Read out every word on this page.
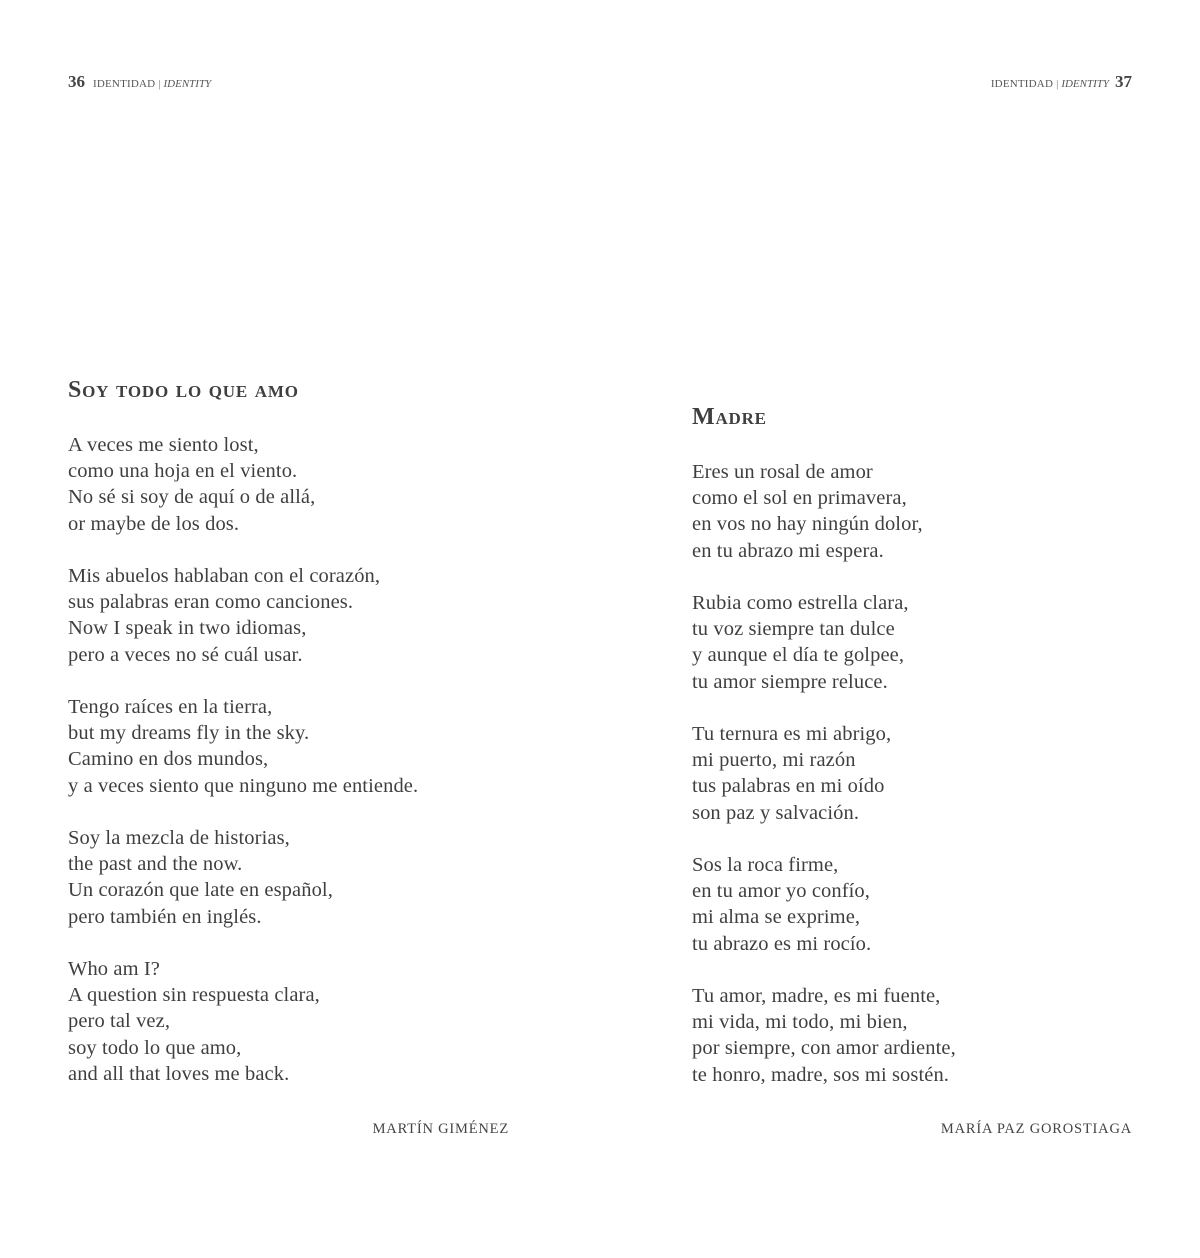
36 IDENTIDAD | IDENTITY
Soy todo lo que amo
A veces me siento lost,
como una hoja en el viento.
No sé si soy de aquí o de allá,
or maybe de los dos.
Mis abuelos hablaban con el corazón,
sus palabras eran como canciones.
Now I speak in two idiomas,
pero a veces no sé cuál usar.
Tengo raíces en la tierra,
but my dreams fly in the sky.
Camino en dos mundos,
y a veces siento que ninguno me entiende.
Soy la mezcla de historias,
the past and the now.
Un corazón que late en español,
pero también en inglés.
Who am I?
A question sin respuesta clara,
pero tal vez,
soy todo lo que amo,
and all that loves me back.
MARTÍN GIMÉNEZ
IDENTIDAD | IDENTITY 37
Madre
Eres un rosal de amor
como el sol en primavera,
en vos no hay ningún dolor,
en tu abrazo mi espera.
Rubia como estrella clara,
tu voz siempre tan dulce
y aunque el día te golpee,
tu amor siempre reluce.
Tu ternura es mi abrigo,
mi puerto, mi razón
tus palabras en mi oído
son paz y salvación.
Sos la roca firme,
en tu amor yo confío,
mi alma se exprime,
tu abrazo es mi rocío.
Tu amor, madre, es mi fuente,
mi vida, mi todo, mi bien,
por siempre, con amor ardiente,
te honro, madre, sos mi sostén.
MARÍA PAZ GOROSTIAGA
